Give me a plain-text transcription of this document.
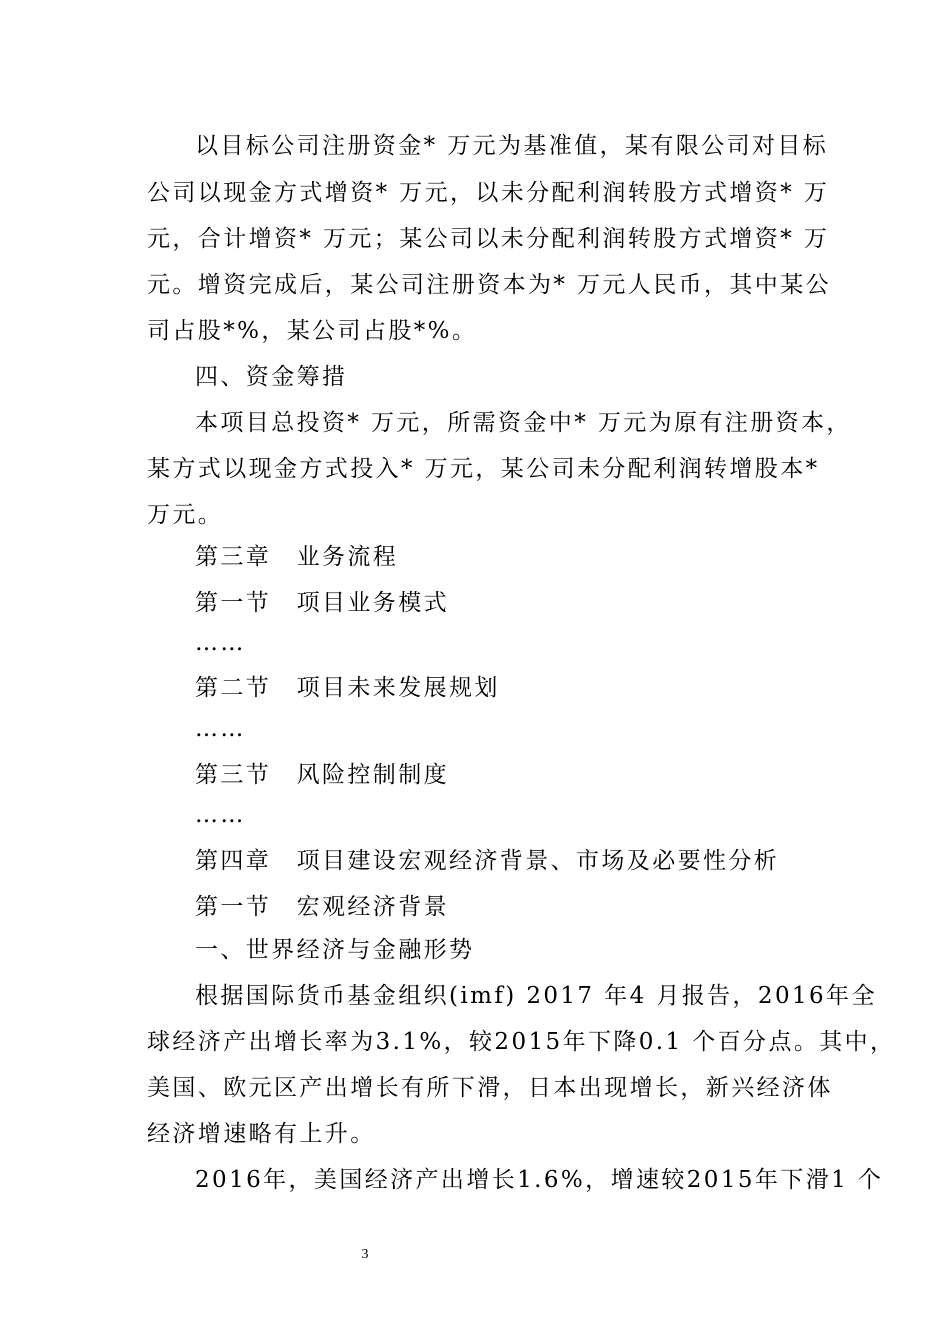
以目标公司注册资金* 万元为基准值，某有限公司对目标
公司以现金方式增资* 万元，以未分配利润转股方式增资* 万
元，合计增资* 万元；某公司以未分配利润转股方式增资* 万
元。增资完成后，某公司注册资本为* 万元人民币，其中某公
司占股*%，某公司占股*%。
四、资金筹措
本项目总投资* 万元，所需资金中* 万元为原有注册资本，
某方式以现金方式投入* 万元，某公司未分配利润转增股本*
万元。
第三章　业务流程
第一节　项目业务模式
……
第二节　项目未来发展规划
……
第三节　风险控制制度
……
第四章　项目建设宏观经济背景、市场及必要性分析
第一节　宏观经济背景
一、世界经济与金融形势
根据国际货币基金组织(imf) 2017 年4 月报告，2016年全
球经济产出增长率为3.1%，较2015年下降0.1 个百分点。其中，
美国、欧元区产出增长有所下滑，日本出现增长，新兴经济体
经济增速略有上升。
2016年，美国经济产出增长1.6%，增速较2015年下滑1 个
3
